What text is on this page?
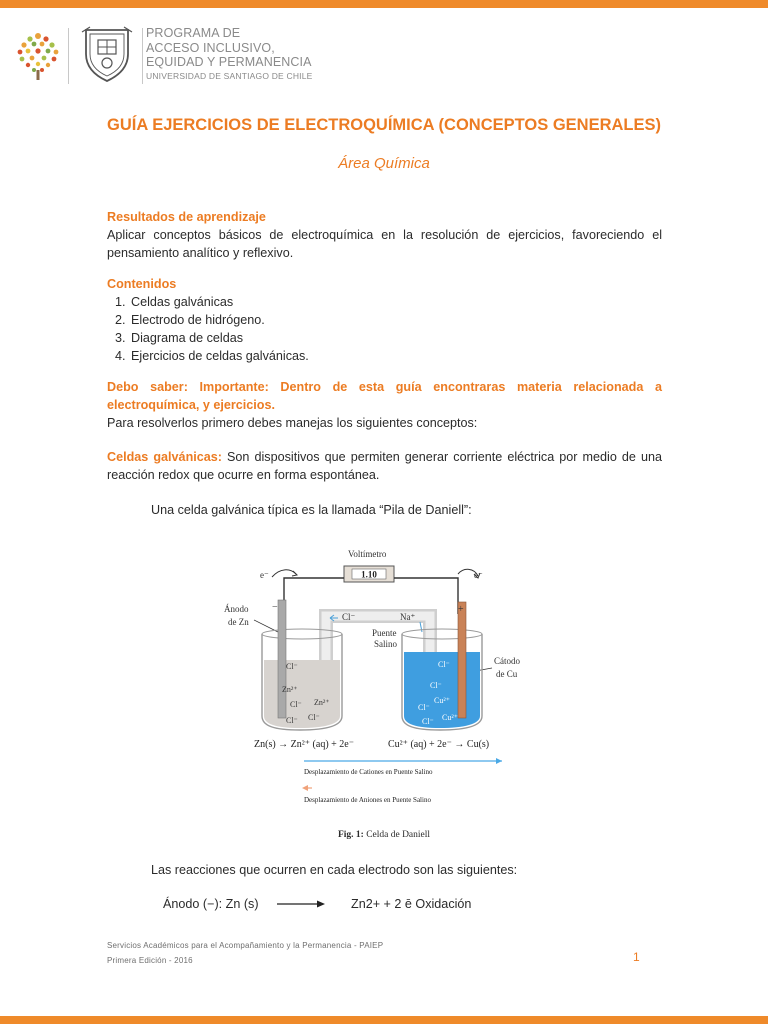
PROGRAMA DE
ACCESO INCLUSIVO,
EQUIDAD Y PERMANENCIA
UNIVERSIDAD DE SANTIAGO DE CHILE
GUÍA EJERCICIOS DE ELECTROQUÍMICA (CONCEPTOS GENERALES)
Área Química
Resultados de aprendizaje
Aplicar conceptos básicos de electroquímica en la resolución de ejercicios, favoreciendo el pensamiento analítico y reflexivo.
Contenidos
1. Celdas galvánicas
2. Electrodo de hidrógeno.
3. Diagrama de celdas
4. Ejercicios de celdas galvánicas.
Debo saber: Importante: Dentro de esta guía encontraras materia relacionada a electroquímica, y ejercicios.
Para resolverlos primero debes manejas los siguientes conceptos:
Celdas galvánicas: Son dispositivos que permiten generar corriente eléctrica por medio de una reacción redox que ocurre en forma espontánea.
Una celda galvánica típica es la llamada “Pila de Daniell”:
Voltímetro
1.10
e⁻	e⁻
Ánodo
de Zn
Cátodo
de Cu
Cl⁻	Na⁺
Puente
Salino
−
Cl⁻
Zn²⁺
Cl⁻ Zn²⁺
Cl⁻ Cl⁻
+
Cl⁻
Cl⁻
Cu²⁺
Cl⁻
Cl⁻ Cu²⁺
Zn(s) → Zn²⁺ (aq) + 2e⁻	Cu²⁺ (aq) + 2e⁻ → Cu(s)
Desplazamiento de Cationes en Puente Salino
Desplazamiento de Aniones en Puente Salino
Fig. 1: Celda de Daniell
Las reacciones que ocurren en cada electrodo son las siguientes:
Ánodo (−): Zn (s) → Zn2+ + 2 ē Oxidación
Servicios Académicos para el Acompañamiento y la Permanencia - PAIEP
Primera Edición - 2016	1
